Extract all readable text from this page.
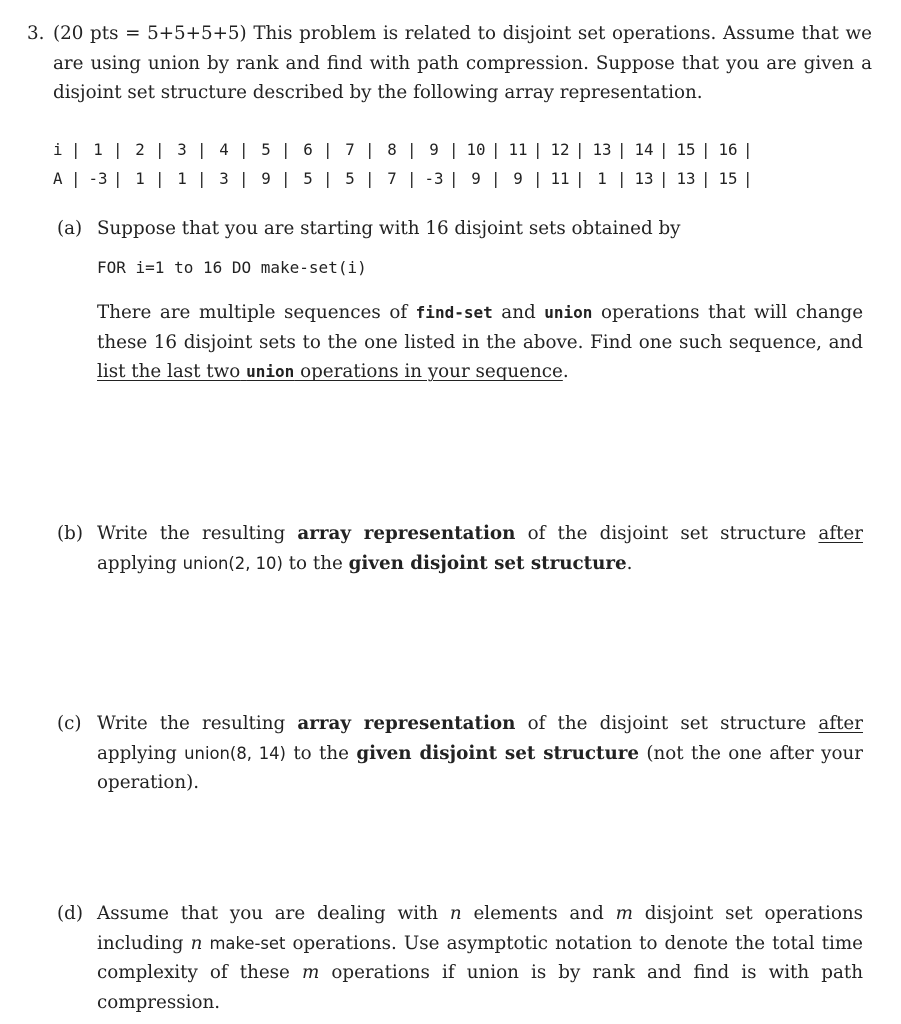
3. (20 pts = 5+5+5+5) This problem is related to disjoint set operations. Assume that we are using union by rank and find with path compression. Suppose that you are given a disjoint set structure described by the following array representation.
i | 1 | 2 | 3 | 4 | 5 | 6 | 7 | 8 | 9 | 10 | 11 | 12 | 13 | 14 | 15 | 16 |
A | -3 | 1 | 1 | 3 | 9 | 5 | 5 | 7 | -3 | 9 | 9 | 11 | 1 | 13 | 13 | 15 |
(a) Suppose that you are starting with 16 disjoint sets obtained by
FOR i=1 to 16 DO make-set(i)
There are multiple sequences of find-set and union operations that will change these 16 disjoint sets to the one listed in the above. Find one such sequence, and list the last two union operations in your sequence.
(b) Write the resulting array representation of the disjoint set structure after applying union(2, 10) to the given disjoint set structure.
(c) Write the resulting array representation of the disjoint set structure after applying union(8, 14) to the given disjoint set structure (not the one after your operation).
(d) Assume that you are dealing with n elements and m disjoint set operations including n make-set operations. Use asymptotic notation to denote the total time complexity of these m operations if union is by rank and find is with path compression.
